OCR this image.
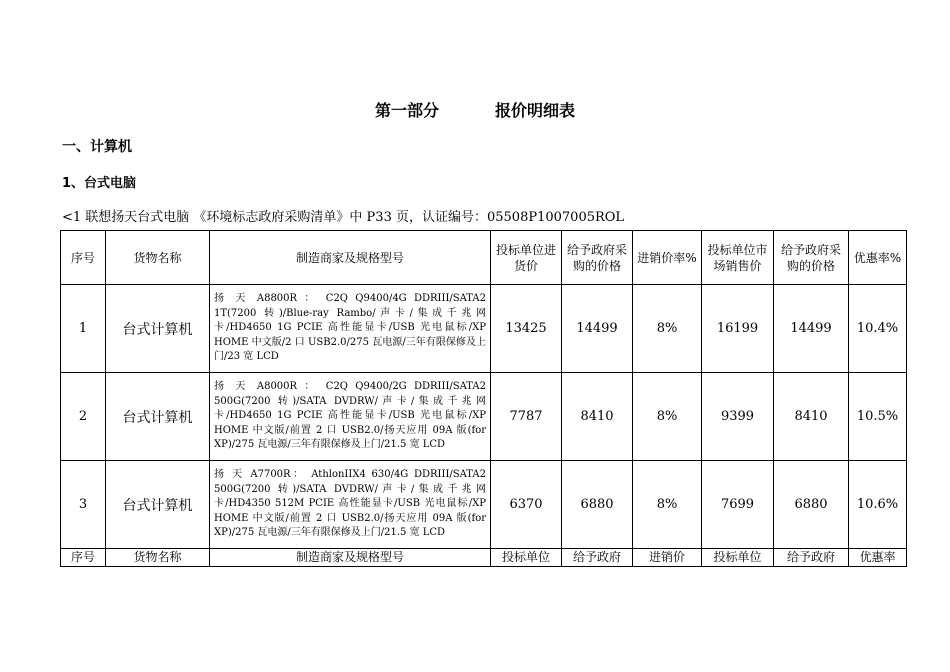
第一部分	报价明细表
一、计算机
1、台式电脑
<1 联想扬天台式电脑 《环境标志政府采购清单》中 P33 页，认证编号：05508P1007005ROL
序号	货物名称	制造商家及规格型号	投标单位进货价	给予政府采购的价格	进销价率%	投标单位市场销售价	给予政府采购的价格	优惠率%
1	台式计算机	扬 天 A8800R ： C2Q Q9400/4G DDRIII/SATA2 1T(7200 转)/Blue-ray Rambo/声卡/集成千兆网卡/HD4650 1G PCIE 高性能显卡/USB 光电鼠标/XP HOME 中文版/2 口 USB2.0/275 瓦电源/三年有限保修及上门/23 宽 LCD	13425	14499	8%	16199	14499	10.4%
2	台式计算机	扬 天 A8000R ： C2Q Q9400/2G DDRIII/SATA2 500G(7200 转)/SATA DVDRW/声卡/集成千兆网卡/HD4650 1G PCIE 高性能显卡/USB 光电鼠标/XP HOME 中文版/前置 2 口 USB2.0/扬天应用 09A 版(for XP)/275 瓦电源/三年有限保修及上门/21.5 宽 LCD	7787	8410	8%	9399	8410	10.5%
3	台式计算机	扬 天 A7700R： AthlonIIX4 630/4G DDRIII/SATA2 500G(7200 转)/SATA DVDRW/声卡/集成千兆网卡/HD4350 512M PCIE 高性能显卡/USB 光电鼠标/XP HOME 中文版/前置 2 口 USB2.0/扬天应用 09A 版(for XP)/275 瓦电源/三年有限保修及上门/21.5 宽 LCD	6370	6880	8%	7699	6880	10.6%
序号	货物名称	制造商家及规格型号	投标单位	给予政府	进销价	投标单位	给予政府	优惠率
